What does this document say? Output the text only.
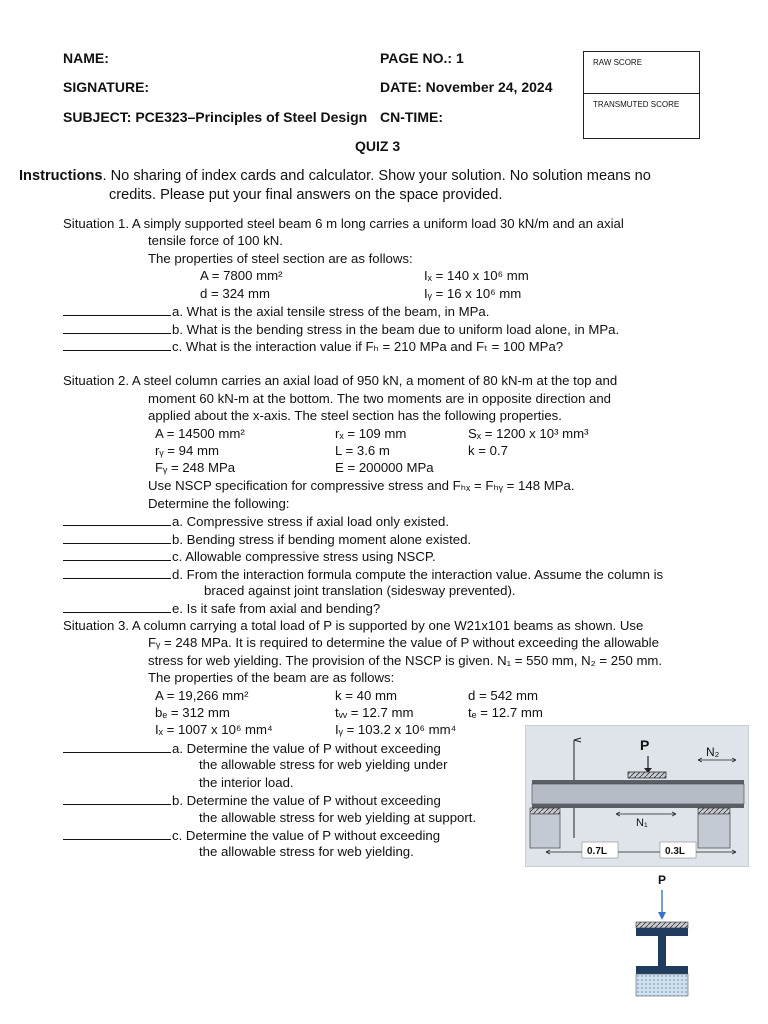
NAME:
SIGNATURE:
SUBJECT: PCE323–Principles of Steel Design
PAGE NO.: 1
DATE: November 24, 2024
CN-TIME:
QUIZ 3
RAW SCORE
TRANSMUTED SCORE
Instructions. No sharing of index cards and calculator. Show your solution. No solution means no
credits. Please put your final answers on the space provided.
Situation 1. A simply supported steel beam 6 m long carries a uniform load 30 kN/m and an axial
tensile force of 100 kN.
The properties of steel section are as follows:
A = 7800 mm²	Iₓ = 140 x 10⁶ mm
d = 324 mm	Iᵧ = 16 x 10⁶ mm
a. What is the axial tensile stress of the beam, in MPa.
b. What is the bending stress in the beam due to uniform load alone, in MPa.
c. What is the interaction value if Fₕ = 210 MPa and Fₜ = 100 MPa?
Situation 2. A steel column carries an axial load of 950 kN, a moment of 80 kN-m at the top and
moment 60 kN-m at the bottom. The two moments are in opposite direction and
applied about the x-axis. The steel section has the following properties.
A = 14500 mm²	rₓ = 109 mm	Sₓ = 1200 x 10³ mm³
rᵧ = 94 mm	L = 3.6 m	k = 0.7
Fᵧ = 248 MPa	E = 200000 MPa
Use NSCP specification for compressive stress and Fₕₓ = Fₕᵧ = 148 MPa.
Determine the following:
a. Compressive stress if axial load only existed.
b. Bending stress if bending moment alone existed.
c. Allowable compressive stress using NSCP.
d. From the interaction formula compute the interaction value. Assume the column is
braced against joint translation (sidesway prevented).
e. Is it safe from axial and bending?
Situation 3. A column carrying a total load of P is supported by one W21x101 beams as shown. Use
Fᵧ = 248 MPa. It is required to determine the value of P without exceeding the allowable
stress for web yielding. The provision of the NSCP is given. N₁ = 550 mm, N₂ = 250 mm.
The properties of the beam are as follows:
A = 19,266 mm²	k = 40 mm	d = 542 mm
bₑ = 312 mm	tᵥᵥ = 12.7 mm	tₑ = 12.7 mm
Iₓ = 1007 x 10⁶ mm⁴	Iᵧ = 103.2 x 10⁶ mm⁴
a. Determine the value of P without exceeding
the allowable stress for web yielding under
the interior load.
b. Determine the value of P without exceeding
the allowable stress for web yielding at support.
c. Determine the value of P without exceeding
the allowable stress for web yielding.
P	N₂
N₁
0.7L	0.3L
P
